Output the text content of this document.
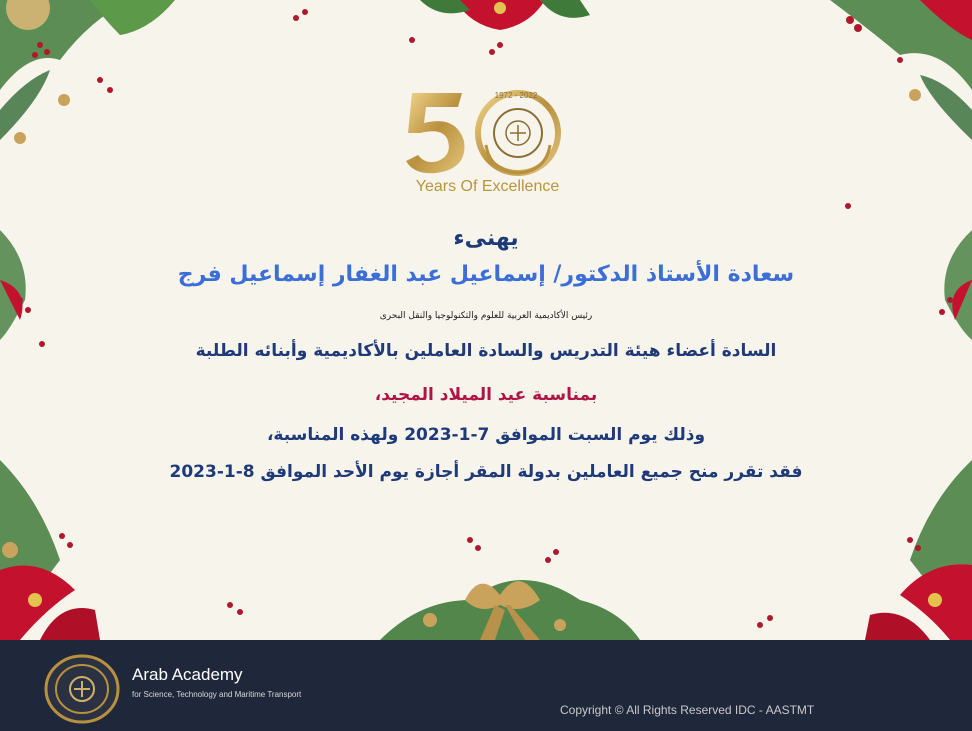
1972 - 2022
Years Of Excellence
يهنىء
سعادة الأستاذ الدكتور/ إسماعيل عبد الغفار إسماعيل فرج
رئيس الأكاديمية العربية للعلوم والتكنولوجيا والنقل البحرى
السادة أعضاء هيئة التدريس والسادة العاملين بالأكاديمية وأبنائه الطلبة
بمناسبة عيد الميلاد المجيد،
وذلك يوم السبت الموافق 7-1-2023 ولهذه المناسبة،
فقد تقرر منح جميع العاملين بدولة المقر أجازة يوم الأحد الموافق 8-1-2023
Arab Academy
for Science, Technology and Maritime Transport
Copyright © All Rights Reserved IDC - AASTMT
